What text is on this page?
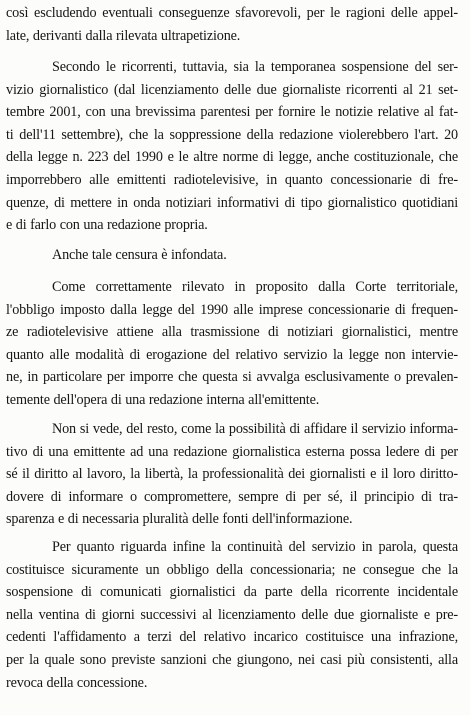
così escludendo eventuali conseguenze sfavorevoli, per le ragioni delle appel-
late, derivanti dalla rilevata ultrapetizione.
Secondo le ricorrenti, tuttavia, sia la temporanea sospensione del ser-
vizio giornalistico (dal licenziamento delle due giornaliste ricorrenti al 21 set-
tembre 2001, con una brevissima parentesi per fornire le notizie relative al fat-
ti dell'11 settembre), che la soppressione della redazione violerebbero l'art. 20
della legge n. 223 del 1990 e le altre norme di legge, anche costituzionale, che
imporrebbero alle emittenti radiotelevisive, in quanto concessionarie di fre-
quenze, di mettere in onda notiziari informativi di tipo giornalistico quotidiani
e di farlo con una redazione propria.
Anche tale censura è infondata.
Come correttamente rilevato in proposito dalla Corte territoriale,
l'obbligo imposto dalla legge del 1990 alle imprese concessionarie di frequen-
ze radiotelevisive attiene alla trasmissione di notiziari giornalistici, mentre
quanto alle modalità di erogazione del relativo servizio la legge non intervie-
ne, in particolare per imporre che questa si avvalga esclusivamente o prevalen-
temente dell'opera di una redazione interna all'emittente.
Non si vede, del resto, come la possibilità di affidare il servizio informa-
tivo di una emittente ad una redazione giornalistica esterna possa ledere di per
sé il diritto al lavoro, la libertà, la professionalità dei giornalisti e il loro diritto-
dovere di informare o compromettere, sempre di per sé, il principio di tra-
sparenza e di necessaria pluralità delle fonti dell'informazione.
Per quanto riguarda infine la continuità del servizio in parola, questa
costituisce sicuramente un obbligo della concessionaria; ne consegue che la
sospensione di comunicati giornalistici da parte della ricorrente incidentale
nella ventina di giorni successivi al licenziamento delle due giornaliste e pre-
cedenti l'affidamento a terzi del relativo incarico costituisce una infrazione,
per la quale sono previste sanzioni che giungono, nei casi più consistenti, alla
revoca della concessione.
